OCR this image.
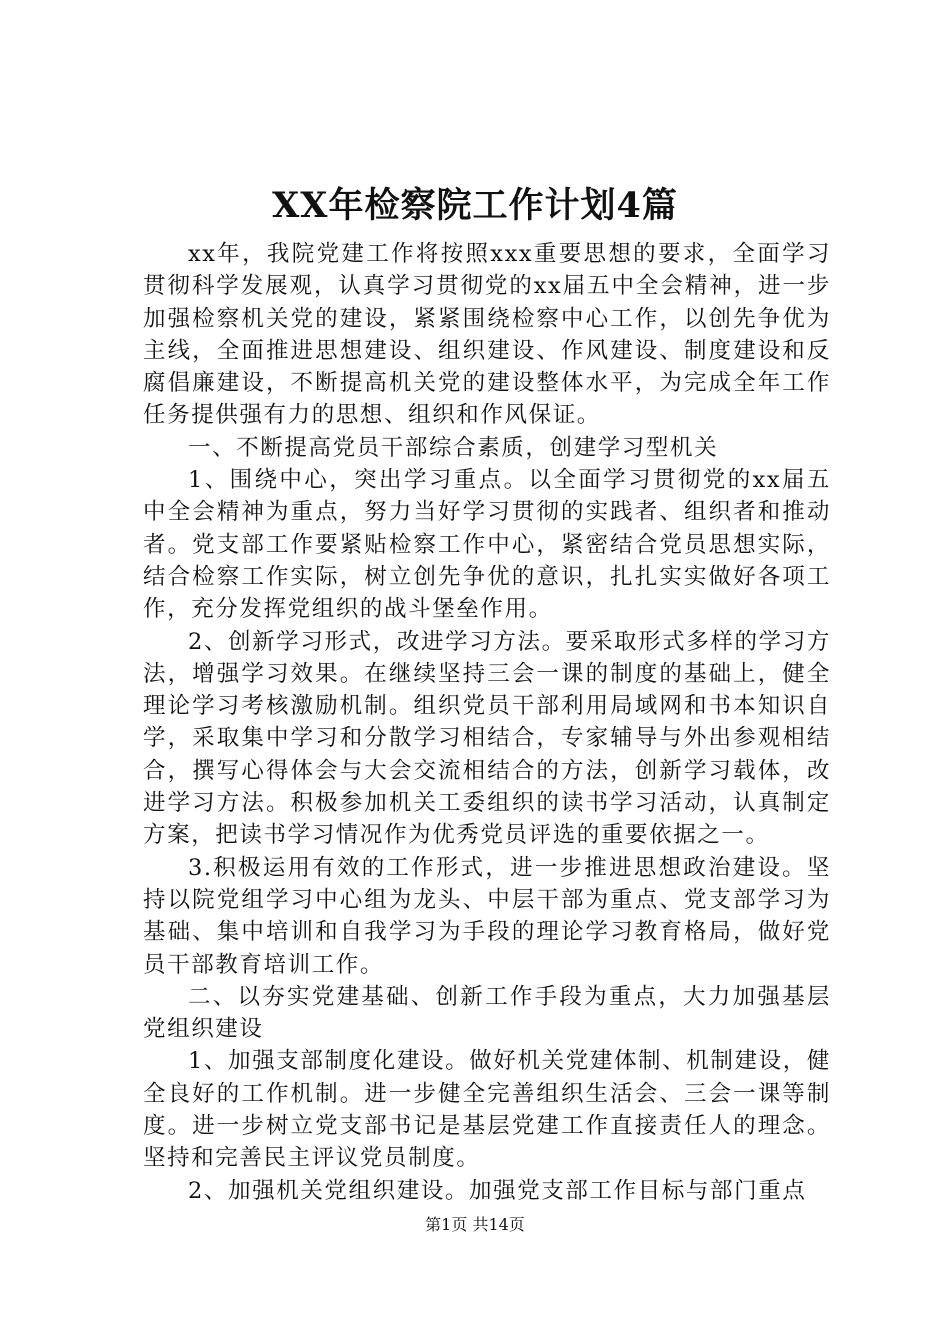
XX年检察院工作计划4篇

xx年，我院党建工作将按照xxx重要思想的要求，全面学习贯彻科学发展观，认真学习贯彻党的xx届五中全会精神，进一步加强检察机关党的建设，紧紧围绕检察中心工作，以创先争优为主线，全面推进思想建设、组织建设、作风建设、制度建设和反腐倡廉建设，不断提高机关党的建设整体水平，为完成全年工作任务提供强有力的思想、组织和作风保证。

一、不断提高党员干部综合素质，创建学习型机关

1、围绕中心，突出学习重点。以全面学习贯彻党的xx届五中全会精神为重点，努力当好学习贯彻的实践者、组织者和推动者。党支部工作要紧贴检察工作中心，紧密结合党员思想实际，结合检察工作实际，树立创先争优的意识，扎扎实实做好各项工作，充分发挥党组织的战斗堡垒作用。

2、创新学习形式，改进学习方法。要采取形式多样的学习方法，增强学习效果。在继续坚持三会一课的制度的基础上，健全理论学习考核激励机制。组织党员干部利用局域网和书本知识自学，采取集中学习和分散学习相结合，专家辅导与外出参观相结合，撰写心得体会与大会交流相结合的方法，创新学习载体，改进学习方法。积极参加机关工委组织的读书学习活动，认真制定方案，把读书学习情况作为优秀党员评选的重要依据之一。

3.积极运用有效的工作形式，进一步推进思想政治建设。坚持以院党组学习中心组为龙头、中层干部为重点、党支部学习为基础、集中培训和自我学习为手段的理论学习教育格局，做好党员干部教育培训工作。

二、以夯实党建基础、创新工作手段为重点，大力加强基层党组织建设

1、加强支部制度化建设。做好机关党建体制、机制建设，健全良好的工作机制。进一步健全完善组织生活会、三会一课等制度。进一步树立党支部书记是基层党建工作直接责任人的理念。坚持和完善民主评议党员制度。

2、加强机关党组织建设。加强党支部工作目标与部门重点

第1页 共14页
